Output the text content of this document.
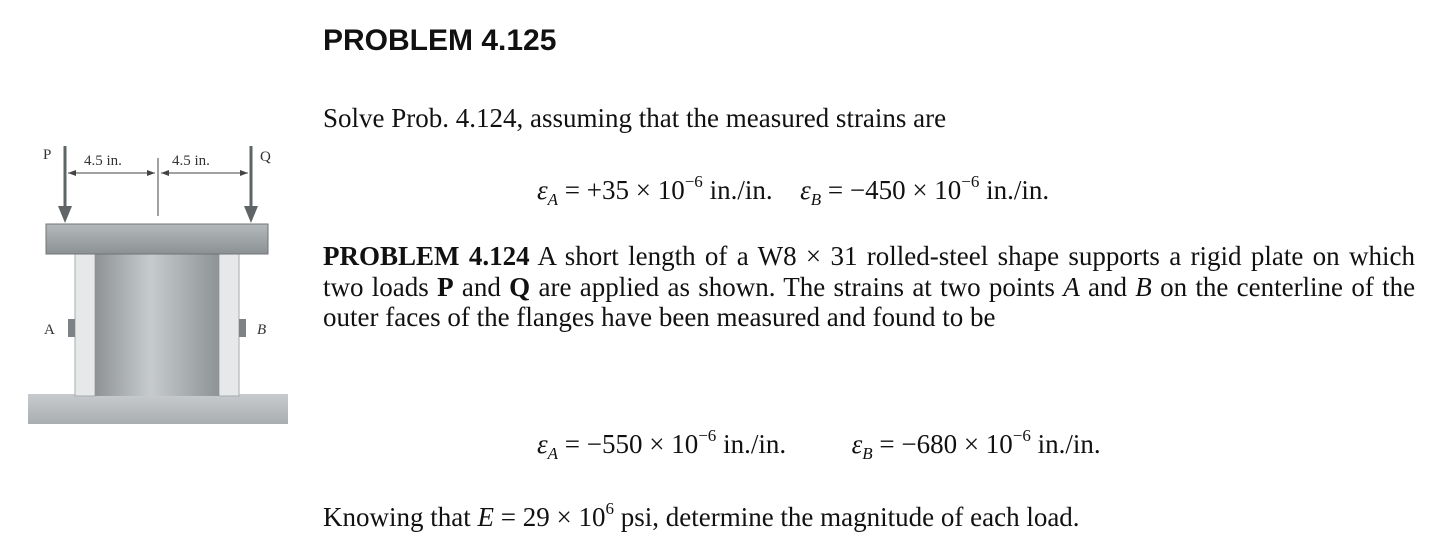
PROBLEM 4.125
Solve Prob. 4.124, assuming that the measured strains are
$\varepsilon_A = +35 \times 10^{-6}$ in./in. $\varepsilon_B = -450 \times 10^{-6}$ in./in.
PROBLEM 4.124 A short length of a W8 × 31 rolled-steel shape supports a rigid plate on which two loads P and Q are applied as shown. The strains at two points A and B on the centerline of the outer faces of the flanges have been measured and found to be
$\varepsilon_A = -550 \times 10^{-6}$ in./in. $\varepsilon_B = -680 \times 10^{-6}$ in./in.
Knowing that $E = 29 \times 10^6$ psi, determine the magnitude of each load.
P	Q
4.5 in.	4.5 in.
A	B
